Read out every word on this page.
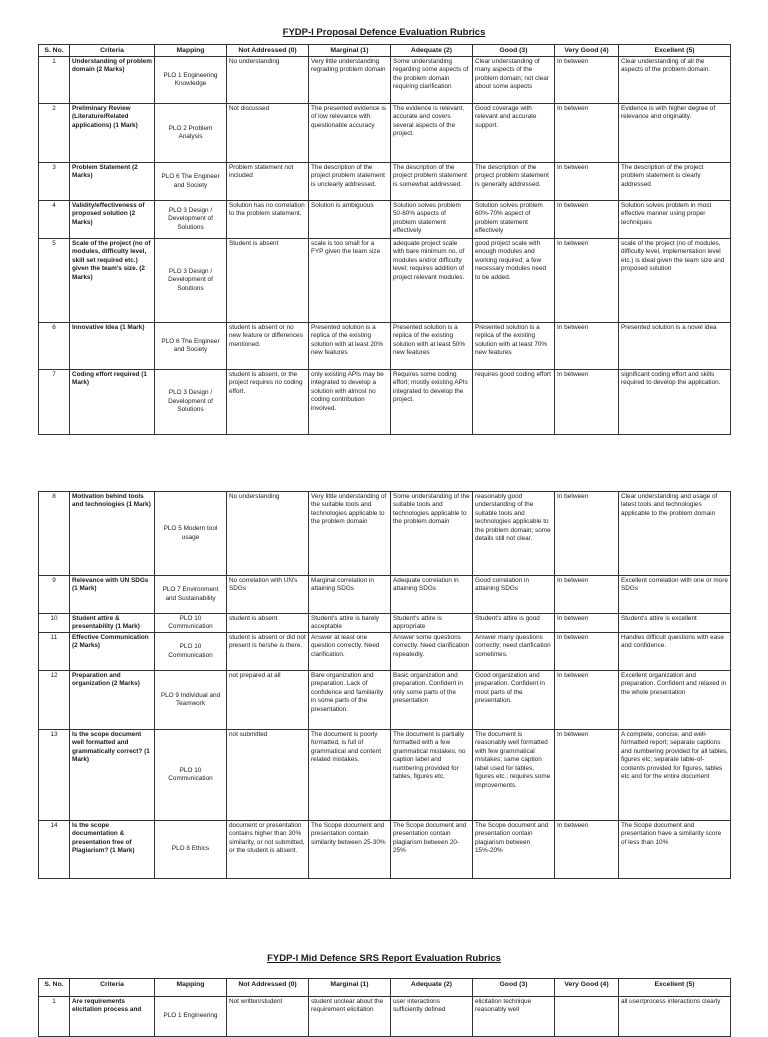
FYDP-I Proposal Defence Evaluation Rubrics
S. No.	Criteria	Mapping	Not Addressed (0)	Marginal (1)	Adequate (2)	Good (3)	Very Good (4)	Excellent (5)
1	Understanding of problem domain (2 Marks)	PLO 1 Engineering Knowledge	No understanding	Very little understanding regrading problem domain	Some understanding regarding some aspects of the problem domain requiring clarification	Clear understanding of many aspects of the problem domain; not clear about some aspects	In between	Clear understanding of all the aspects of the problem domain.
2	Preliminary Review (Literature/Related applications) (1 Mark)	PLO 2 Problem Analysis	Not discussed	The presented evidence is of low relevance with questionable accuracy	The evidence is relevant, accurate and covers several aspects of the project.	Good coverage with relevant and accurate support.	In between	Evidence is with higher degree of relevance and originality.
3	Problem Statement (2 Marks)	PLO 6 The Engineer and Society	Problem statement not included	The description of the project problem statement is unclearly addressed.	The description of the project problem statement is somewhat addressed.	The description of the project problem statement is generally addressed.	In between	The description of the project problem statement is clearly addressed
4	Validity/effectiveness of proposed solution (2 Marks)	PLO 3 Design / Development of Solutions	Solution has no correlation to the problem statement.	Solution is ambiguous	Solution solves problem 50-60% aspects of problem statement effectively	Solution solves problem 60%-70% aspect of problem statement effectively	In between	Solution solves problem in most effective manner using proper techniques
5	Scale of the project (no of modules, difficulty level, skill set required etc.) given the team's size. (2 Marks)	PLO 3 Design / Development of Solutions	Student is absent	scale is too small for a FYP given the team size	adequate project scale with bare minimum no. of modules and/or difficulty level; requires addition of project relevant modules.	good project scale with enough modules and working required; a few necessary modules need to be added.	In between	scale of the project (no of modules, difficulty level, implementation level etc.) is ideal given the team size and proposed solution
6	Innovative Idea (1 Mark)	PLO 6 The Engineer and Society	student is absent or no new feature or differences mentioned.	Presented solution is a replica of the existing solution with at least 20% new features	Presented solution is a replica of the existing solution with at least 50% new features	Presented solution is a replica of the existing solution with at least 70% new features	In between	Presented solution is a novel idea
7	Coding effort required (1 Mark)	PLO 3 Design / Development of Solutions	student is absent, or the project requires no coding effort.	only existing APIs may be integrated to develop a solution with almost no coding contribution involved.	Requires some coding effort; mostly existing APIs integrated to develop the project.	requires good coding effort	In between	significant coding effort and skills required to develop the application.
8	Motivation behind tools and technologies (1 Mark)	PLO 5 Modern tool usage	No understanding	Very little understanding of the suitable tools and technologies applicable to the problem domain	Some understanding of the suitable tools and technologies applicable to the problem domain	reasonably good understanding of the suitable tools and technologies applicable to the problem domain; some details still not clear.	In between	Clear understanding and usage of latest tools and technologies applicable to the problem domain
9	Relevance with UN SDGs (1 Mark)	PLO 7 Environment and Sustainability	No correlation with UN's SDGs	Marginal correlation in attaining SDGs	Adequate correlation in attaining SDGs	Good correlation in attaining SDGs	In between	Excellent correlation with one or more SDGs
10	Student attire & presentability (1 Mark)	PLO 10 Communication	student is absent	Student's attire is barely acceptable	Student's attire is appropriate	Student's attire is good	In between	Student's attire is excellent
11	Effective Communication (2 Marks)	PLO 10 Communication	student is absent or did not present is he/she is there.	Answer at least one question correctly. Need clarification.	Answer some questions correctly. Need clarification repeatedly.	Answer many questions correctly; need clarification sometimes.	In between	Handles difficult questions with ease and confidence.
12	Preparation and organization (2 Marks)	PLO 9 Individual and Teamwork	not prepared at all	Bare organization and preparation. Lack of confidence and familiarity in some parts of the presentation.	Basic organization and preparation. Confident in only some parts of the presentation	Good organization and preparation. Confident in most parts of the presentation.	In between	Excellent organization and preparation. Confident and relaxed in the whole presentation
13	Is the scope document well formatted and grammatically correct? (1 Mark)	PLO 10 Communication	not submitted	The document is poorly formatted, is full of grammatical and content related mistakes.	The document is partially formatted with a few grammatical mistakes; no caption label and numbering provided for tables, figures etc.	The document is reasonably well formatted with few grammatical mistakes; same caption label used for tables, figures etc.; requires some improvements.	In between	A complete, concise, and well-formatted report; separate captions and numbering provided for all tables, figures etc; separate table-of-contents provided for figures, tables etc and for the entire document
14	Is the scope documentation & presentation free of Plagiarism? (1 Mark)	PLO 8 Ethics	document or presentation contains higher than 30% similarity, or not submitted, or the student is absent.	The Scope document and presentation contain similarity between 25-30%	The Scope document and presentation contain plagiarism between 20-25%	The Scope document and presentation contain plagiarism between 15%-20%	In between	The Scope document and presentation have a similarity score of less than 10%
FYDP-I Mid Defence SRS Report Evaluation Rubrics
S. No.	Criteria	Mapping	Not Addressed (0)	Marginal (1)	Adequate (2)	Good (3)	Very Good (4)	Excellent (5)
1	Are requirements elicitation process and	PLO 1 Engineering	Not written/student	student unclear about the requirement elicitation	user interactions sufficiently defined	elicitation technique reasonably well		all user/process interactions clearly
